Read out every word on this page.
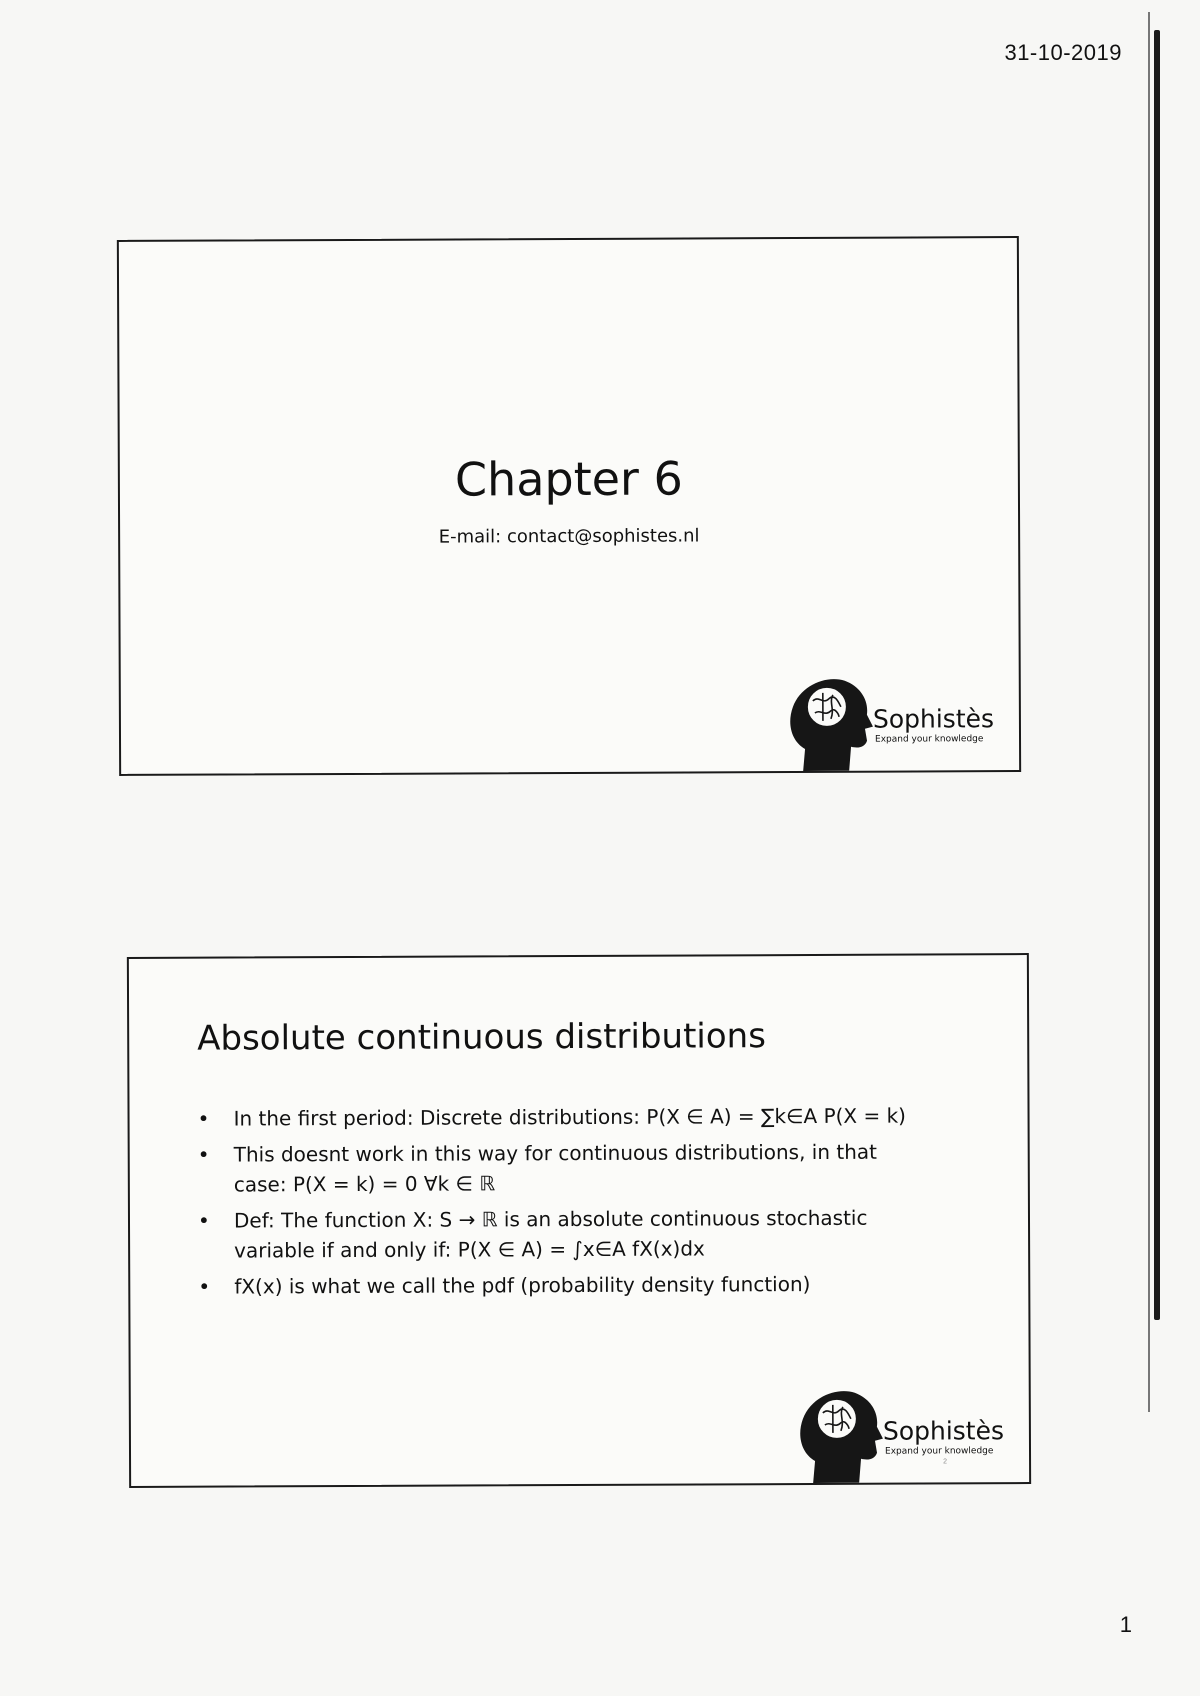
31-10-2019
Chapter 6
E-mail: contact@sophistes.nl
Sophistès
Expand your knowledge
Absolute continuous distributions
• In the first period: Discrete distributions: P(X ∈ A) = ∑k∈A P(X = k)
• This doesnt work in this way for continuous distributions, in that case: P(X = k) = 0 ∀k ∈ ℝ
• Def: The function X: S → ℝ is an absolute continuous stochastic variable if and only if: P(X ∈ A) = ∫x∈A fX(x)dx
• fX(x) is what we call the pdf (probability density function)
Sophistès
Expand your knowledge
2
1
